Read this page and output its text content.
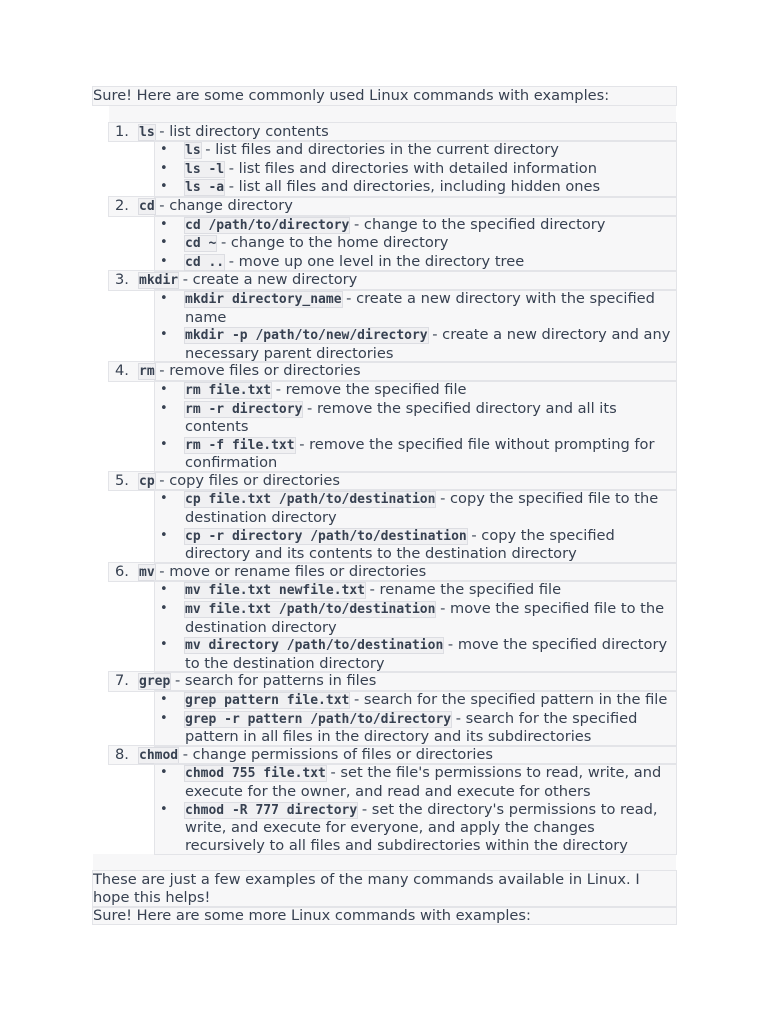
Sure! Here are some commonly used Linux commands with examples:

1. ls - list directory contents
• ls - list files and directories in the current directory
• ls -l - list files and directories with detailed information
• ls -a - list all files and directories, including hidden ones
2. cd - change directory
• cd /path/to/directory - change to the specified directory
• cd ~ - change to the home directory
• cd .. - move up one level in the directory tree
3. mkdir - create a new directory
• mkdir directory_name - create a new directory with the specified name
• mkdir -p /path/to/new/directory - create a new directory and any necessary parent directories
4. rm - remove files or directories
• rm file.txt - remove the specified file
• rm -r directory - remove the specified directory and all its contents
• rm -f file.txt - remove the specified file without prompting for confirmation
5. cp - copy files or directories
• cp file.txt /path/to/destination - copy the specified file to the destination directory
• cp -r directory /path/to/destination - copy the specified directory and its contents to the destination directory
6. mv - move or rename files or directories
• mv file.txt newfile.txt - rename the specified file
• mv file.txt /path/to/destination - move the specified file to the destination directory
• mv directory /path/to/destination - move the specified directory to the destination directory
7. grep - search for patterns in files
• grep pattern file.txt - search for the specified pattern in the file
• grep -r pattern /path/to/directory - search for the specified pattern in all files in the directory and its subdirectories
8. chmod - change permissions of files or directories
• chmod 755 file.txt - set the file's permissions to read, write, and execute for the owner, and read and execute for others
• chmod -R 777 directory - set the directory's permissions to read, write, and execute for everyone, and apply the changes recursively to all files and subdirectories within the directory

These are just a few examples of the many commands available in Linux. I hope this helps!

Sure! Here are some more Linux commands with examples:
